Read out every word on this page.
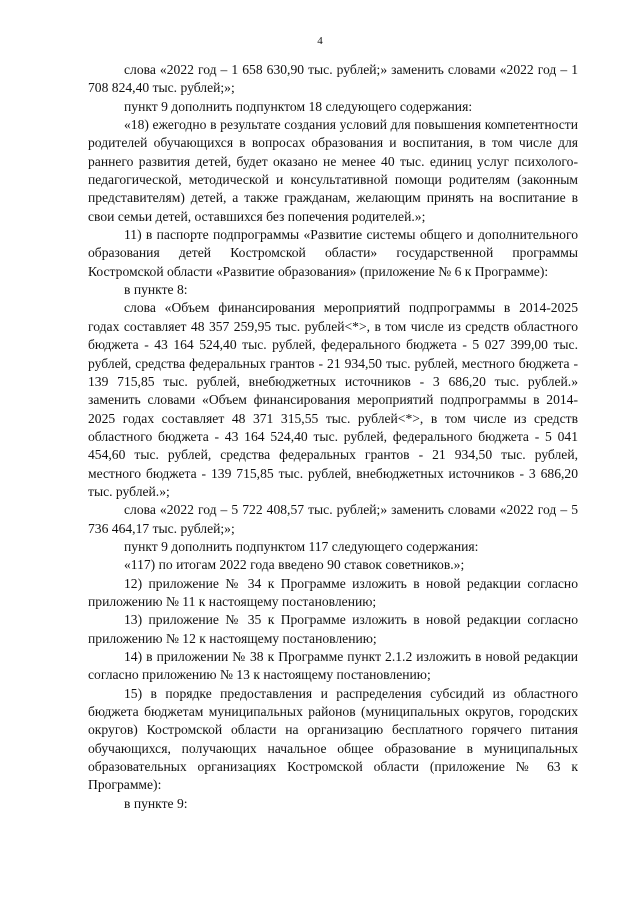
4

слова «2022 год – 1 658 630,90 тыс. рублей;» заменить словами «2022 год – 1 708 824,40 тыс. рублей;»;

пункт 9 дополнить подпунктом 18 следующего содержания:

«18) ежегодно в результате создания условий для повышения компетентности родителей обучающихся в вопросах образования и воспитания, в том числе для раннего развития детей, будет оказано не менее 40 тыс. единиц услуг психолого-педагогической, методической и консультативной помощи родителям (законным представителям) детей, а также гражданам, желающим принять на воспитание в свои семьи детей, оставшихся без попечения родителей.»;

11) в паспорте подпрограммы «Развитие системы общего и дополнительного образования детей Костромской области» государственной программы Костромской области «Развитие образования» (приложение № 6 к Программе):

в пункте 8:

слова «Объем финансирования мероприятий подпрограммы в 2014-2025 годах составляет 48 357 259,95 тыс. рублей<*>, в том числе из средств областного бюджета - 43 164 524,40 тыс. рублей, федерального бюджета - 5 027 399,00 тыс. рублей, средства федеральных грантов - 21 934,50 тыс. рублей, местного бюджета - 139 715,85 тыс. рублей, внебюджетных источников - 3 686,20 тыс. рублей.» заменить словами «Объем финансирования мероприятий подпрограммы в 2014-2025 годах составляет 48 371 315,55 тыс. рублей<*>, в том числе из средств областного бюджета - 43 164 524,40 тыс. рублей, федерального бюджета - 5 041 454,60 тыс. рублей, средства федеральных грантов - 21 934,50 тыс. рублей, местного бюджета - 139 715,85 тыс. рублей, внебюджетных источников - 3 686,20 тыс. рублей.»;

слова «2022 год – 5 722 408,57 тыс. рублей;» заменить словами «2022 год – 5 736 464,17 тыс. рублей;»;

пункт 9 дополнить подпунктом 117 следующего содержания:

«117) по итогам 2022 года введено 90 ставок советников.»;

12) приложение № 34 к Программе изложить в новой редакции согласно приложению № 11 к настоящему постановлению;

13) приложение № 35 к Программе изложить в новой редакции согласно приложению № 12 к настоящему постановлению;

14) в приложении № 38 к Программе пункт 2.1.2 изложить в новой редакции согласно приложению № 13 к настоящему постановлению;

15) в порядке предоставления и распределения субсидий из областного бюджета бюджетам муниципальных районов (муниципальных округов, городских округов) Костромской области на организацию бесплатного горячего питания обучающихся, получающих начальное общее образование в муниципальных образовательных организациях Костромской области (приложение № 63 к Программе):

в пункте 9:
